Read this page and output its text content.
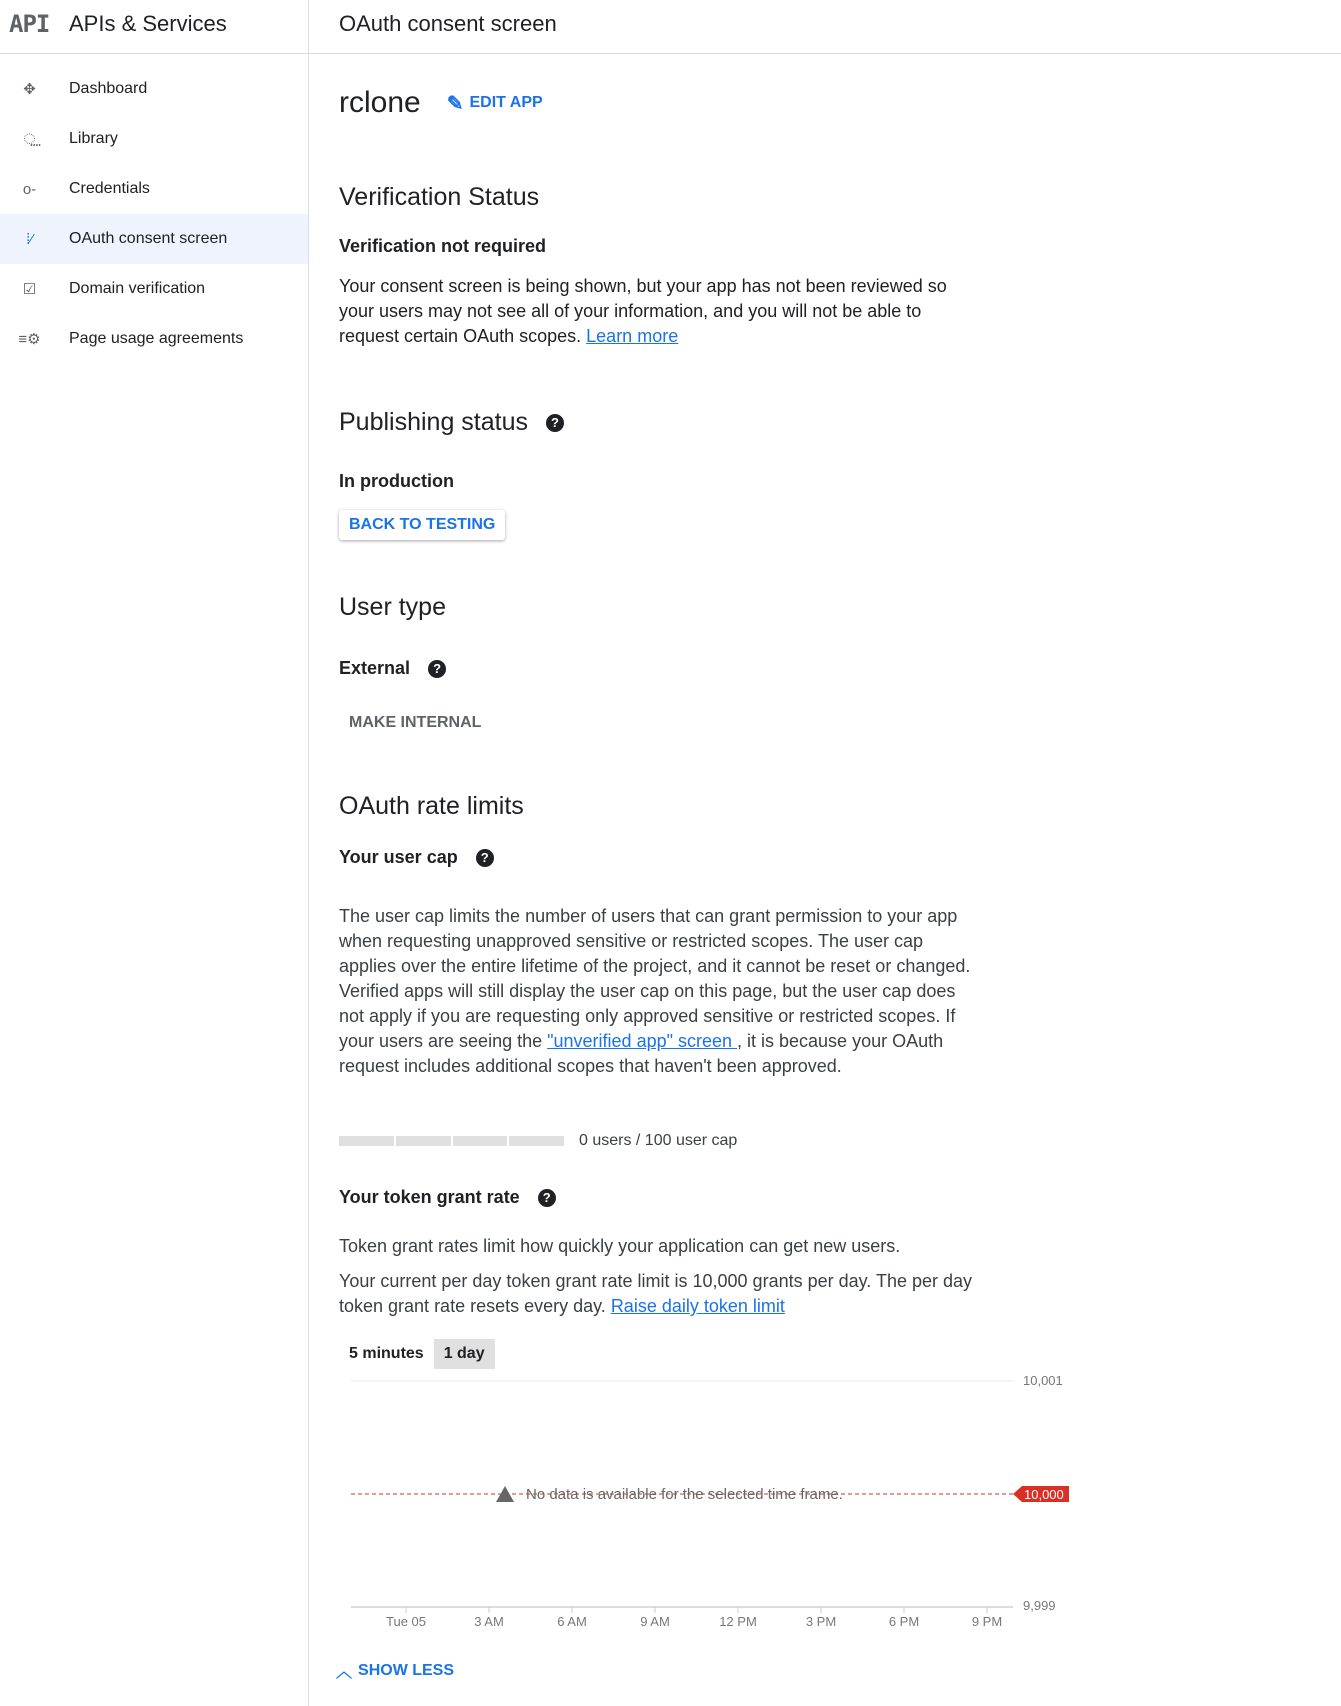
API APIs & Services	OAuth consent screen
✥	Dashboard
⵿	Library
o‑	Credentials
⁞⁄	OAuth consent screen
☑	Domain verification
≡⚙	Page usage agreements
rclone ✎ EDIT APP
Verification Status
Verification not required
Your consent screen is being shown, but your app has not been reviewed so your users may not see all of your information, and you will not be able to request certain OAuth scopes. Learn more
Publishing status ?
In production
BACK TO TESTING
User type
External ?
MAKE INTERNAL
OAuth rate limits
Your user cap ?
The user cap limits the number of users that can grant permission to your app when requesting unapproved sensitive or restricted scopes. The user cap applies over the entire lifetime of the project, and it cannot be reset or changed. Verified apps will still display the user cap on this page, but the user cap does not apply if you are requesting only approved sensitive or restricted scopes. If your users are seeing the "unverified app" screen , it is because your OAuth request includes additional scopes that haven't been approved.
0 users / 100 user cap
Your token grant rate ?
Token grant rates limit how quickly your application can get new users.
Your current per day token grant rate limit is 10,000 grants per day. The per day token grant rate resets every day. Raise daily token limit
5 minutes	1 day
10,001
9,999
10,000
No data is available for the selected time frame.
Tue 05	3 AM	6 AM	9 AM	12 PM	3 PM	6 PM	9 PM
︿ SHOW LESS
